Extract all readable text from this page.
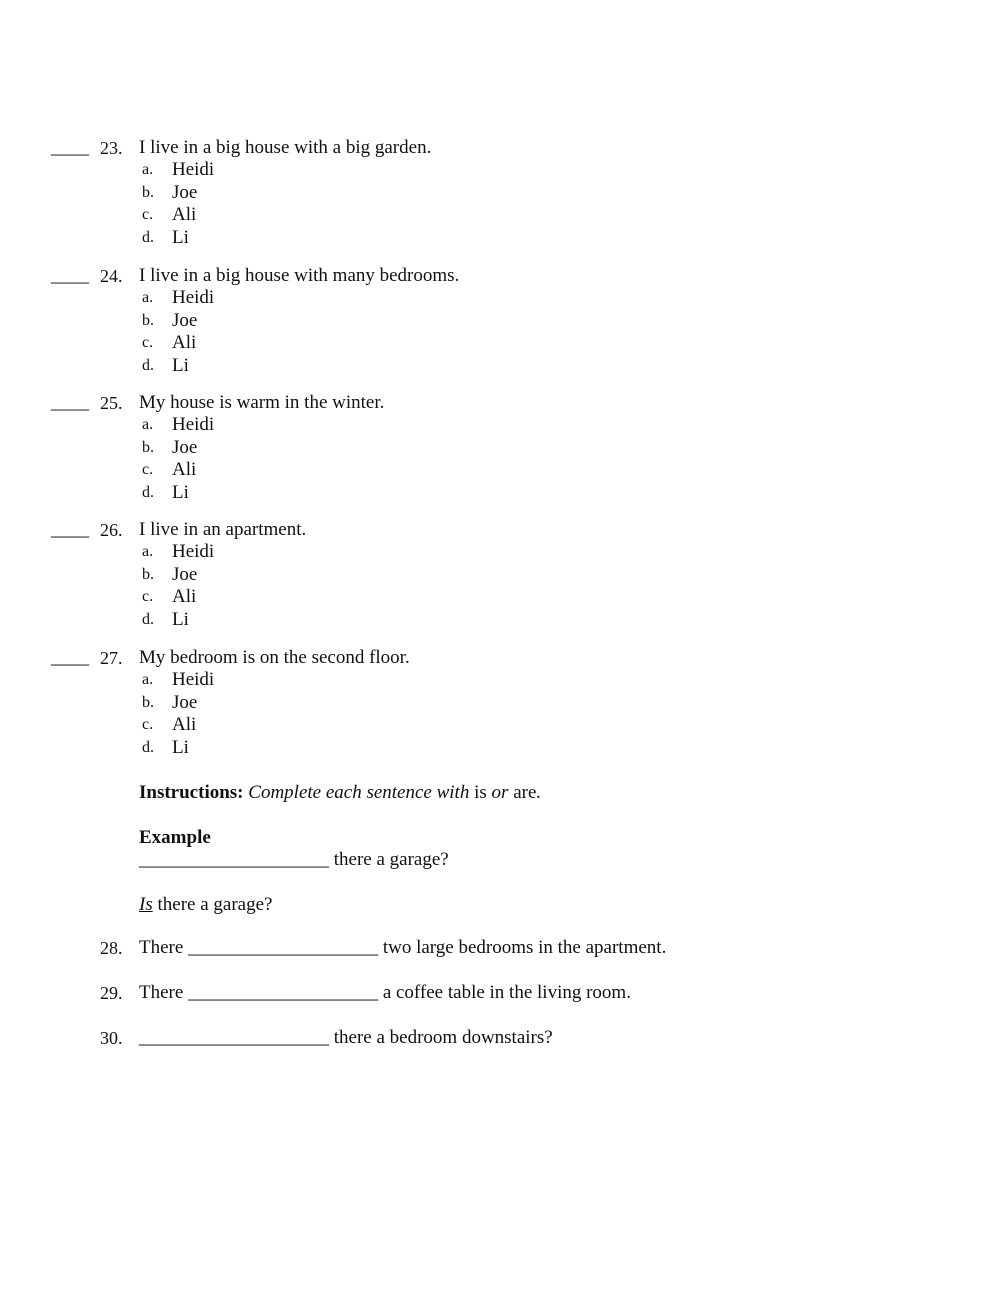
____ 23. I live in a big house with a big garden.
a. Heidi
b. Joe
c. Ali
d. Li
____ 24. I live in a big house with many bedrooms.
a. Heidi
b. Joe
c. Ali
d. Li
____ 25. My house is warm in the winter.
a. Heidi
b. Joe
c. Ali
d. Li
____ 26. I live in an apartment.
a. Heidi
b. Joe
c. Ali
d. Li
____ 27. My bedroom is on the second floor.
a. Heidi
b. Joe
c. Ali
d. Li
Instructions: Complete each sentence with is or are.
Example
____________________ there a garage?
Is there a garage?
28. There ____________________ two large bedrooms in the apartment.
29. There ____________________ a coffee table in the living room.
30. ____________________ there a bedroom downstairs?
